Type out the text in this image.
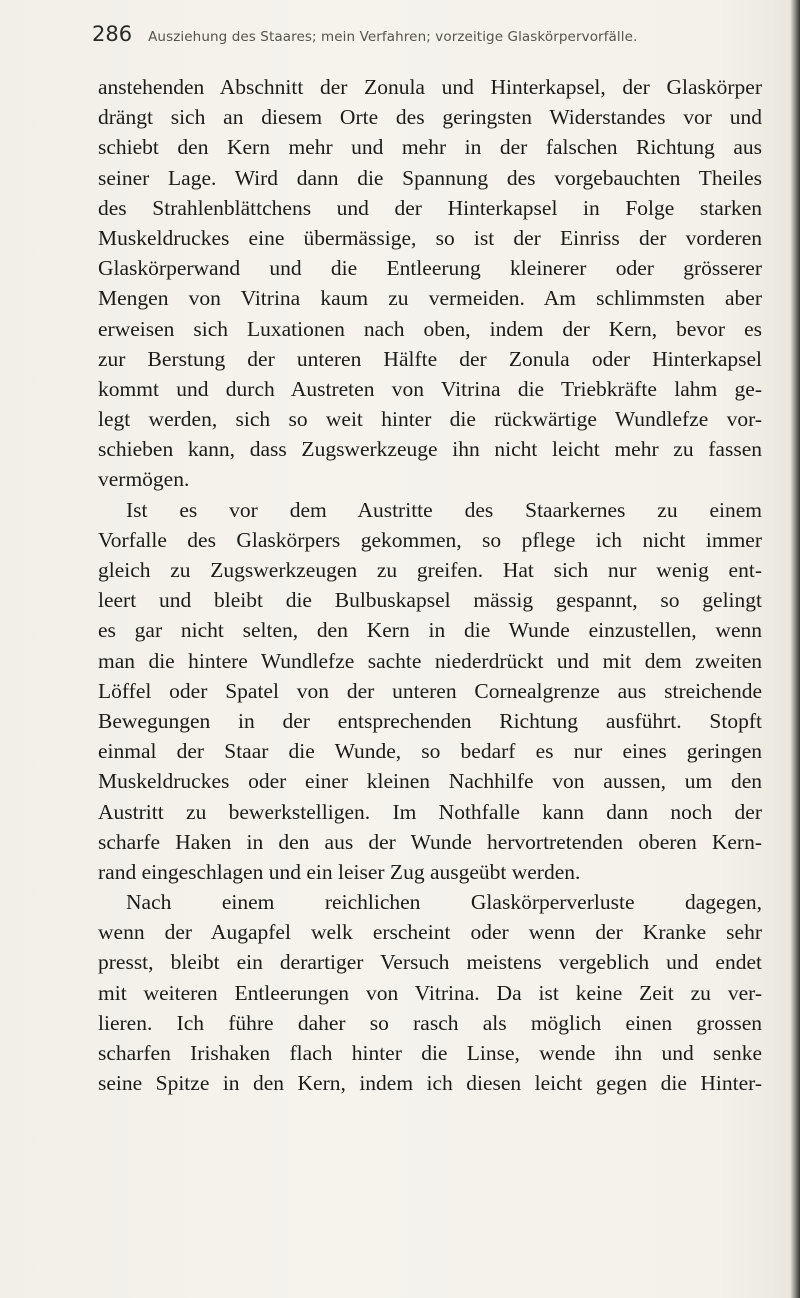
286 Ausziehung des Staares; mein Verfahren; vorzeitige Glaskörpervorfälle.
anstehenden Abschnitt der Zonula und Hinterkapsel, der Glaskörper
drängt sich an diesem Orte des geringsten Widerstandes vor und
schiebt den Kern mehr und mehr in der falschen Richtung aus
seiner Lage. Wird dann die Spannung des vorgebauchten Theiles
des Strahlenblättchens und der Hinterkapsel in Folge starken
Muskeldruckes eine übermässige, so ist der Einriss der vorderen
Glaskörperwand und die Entleerung kleinerer oder grösserer
Mengen von Vitrina kaum zu vermeiden. Am schlimmsten aber
erweisen sich Luxationen nach oben, indem der Kern, bevor es
zur Berstung der unteren Hälfte der Zonula oder Hinterkapsel
kommt und durch Austreten von Vitrina die Triebkräfte lahm ge-
legt werden, sich so weit hinter die rückwärtige Wundlefze vor-
schieben kann, dass Zugswerkzeuge ihn nicht leicht mehr zu fassen
vermögen.
Ist es vor dem Austritte des Staarkernes zu einem
Vorfalle des Glaskörpers gekommen, so pflege ich nicht immer
gleich zu Zugswerkzeugen zu greifen. Hat sich nur wenig ent-
leert und bleibt die Bulbuskapsel mässig gespannt, so gelingt
es gar nicht selten, den Kern in die Wunde einzustellen, wenn
man die hintere Wundlefze sachte niederdrückt und mit dem zweiten
Löffel oder Spatel von der unteren Cornealgrenze aus streichende
Bewegungen in der entsprechenden Richtung ausführt. Stopft
einmal der Staar die Wunde, so bedarf es nur eines geringen
Muskeldruckes oder einer kleinen Nachhilfe von aussen, um den
Austritt zu bewerkstelligen. Im Nothfalle kann dann noch der
scharfe Haken in den aus der Wunde hervortretenden oberen Kern-
rand eingeschlagen und ein leiser Zug ausgeübt werden.
Nach einem reichlichen Glaskörperverluste dagegen,
wenn der Augapfel welk erscheint oder wenn der Kranke sehr
presst, bleibt ein derartiger Versuch meistens vergeblich und endet
mit weiteren Entleerungen von Vitrina. Da ist keine Zeit zu ver-
lieren. Ich führe daher so rasch als möglich einen grossen
scharfen Irishaken flach hinter die Linse, wende ihn und senke
seine Spitze in den Kern, indem ich diesen leicht gegen die Hinter-
